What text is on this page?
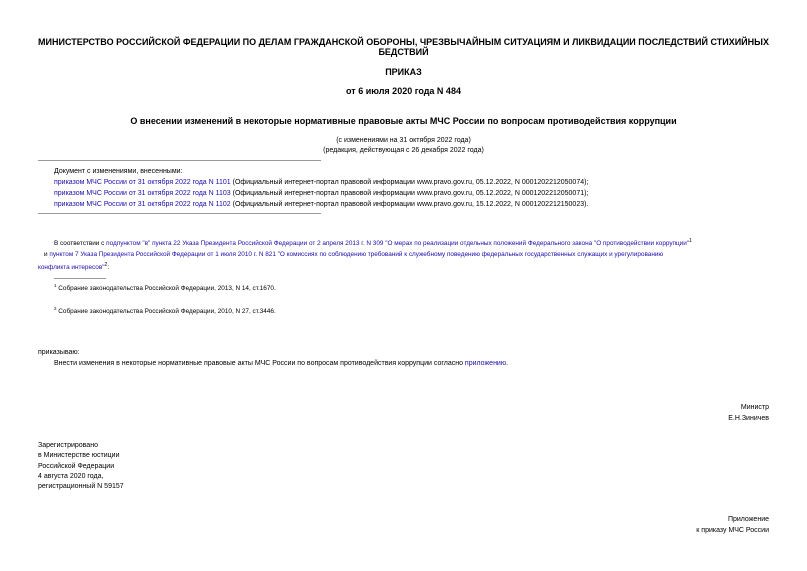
МИНИСТЕРСТВО РОССИЙСКОЙ ФЕДЕРАЦИИ ПО ДЕЛАМ ГРАЖДАНСКОЙ ОБОРОНЫ, ЧРЕЗВЫЧАЙНЫМ СИТУАЦИЯМ И ЛИКВИДАЦИИ ПОСЛЕДСТВИЙ СТИХИЙНЫХ
БЕДСТВИЙ
ПРИКАЗ
от 6 июля 2020 года N 484
О внесении изменений в некоторые нормативные правовые акты МЧС России по вопросам противодействия коррупции
(с изменениями на 31 октября 2022 года)
(редакция, действующая с 26 декабря 2022 года)
Документ с изменениями, внесенными:
приказом МЧС России от 31 октября 2022 года N 1101 (Официальный интернет-портал правовой информации www.pravo.gov.ru, 05.12.2022, N 0001202212050074);
приказом МЧС России от 31 октября 2022 года N 1103 (Официальный интернет-портал правовой информации www.pravo.gov.ru, 05.12.2022, N 0001202212050071);
приказом МЧС России от 31 октября 2022 года N 1102 (Официальный интернет-портал правовой информации www.pravo.gov.ru, 15.12.2022, N 0001202212150023).
В соответствии с подпунктом "в" пункта 22 Указа Президента Российской Федерации от 2 апреля 2013 г. N 309 "О мерах по реализации отдельных положений Федерального закона "О противодействии коррупции"$^1$
и пунктом 7 Указа Президента Российской Федерации от 1 июля 2010 г. N 821 "О комиссиях по соблюдению требований к служебному поведению федеральных государственных служащих и урегулированию
конфликта интересов"$^2$:
$^1$ Собрание законодательства Российской Федерации, 2013, N 14, ст.1670.
$^2$ Собрание законодательства Российской Федерации, 2010, N 27, ст.3446.
приказываю:
Внести изменения в некоторые нормативные правовые акты МЧС России по вопросам противодействия коррупции согласно приложению.
Министр
Е.Н.Зиничев
Зарегистрировано
в Министерстве юстиции
Российской Федерации
4 августа 2020 года,
регистрационный N 59157
Приложение
к приказу МЧС России
